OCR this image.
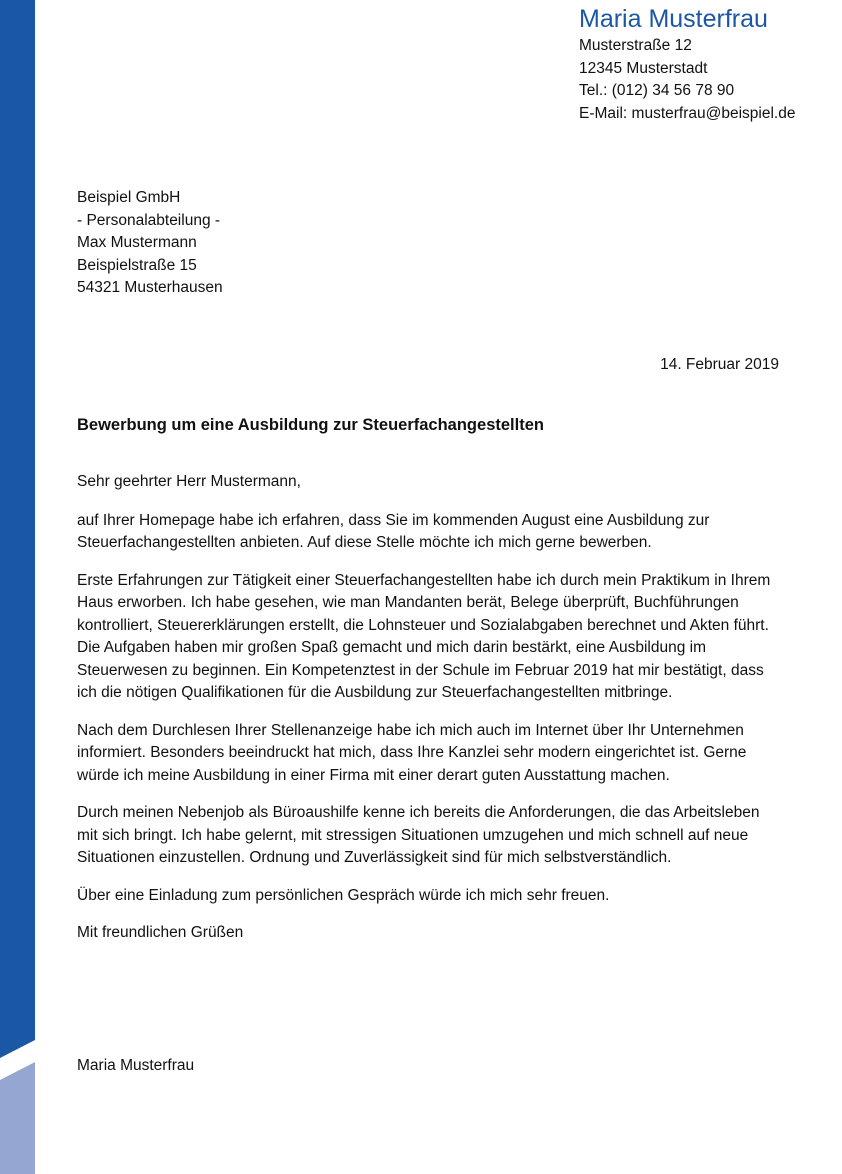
Maria Musterfrau
Musterstraße 12
12345 Musterstadt
Tel.: (012) 34 56 78 90
E-Mail: musterfrau@beispiel.de
Beispiel GmbH
- Personalabteilung -
Max Mustermann
Beispielstraße 15
54321 Musterhausen
14. Februar 2019
Bewerbung um eine Ausbildung zur Steuerfachangestellten

Sehr geehrter Herr Mustermann,

auf Ihrer Homepage habe ich erfahren, dass Sie im kommenden August eine Ausbildung zur Steuerfachangestellten anbieten. Auf diese Stelle möchte ich mich gerne bewerben.

Erste Erfahrungen zur Tätigkeit einer Steuerfachangestellten habe ich durch mein Praktikum in Ihrem Haus erworben. Ich habe gesehen, wie man Mandanten berät, Belege überprüft, Buchführungen kontrolliert, Steuererklärungen erstellt, die Lohnsteuer und Sozialabgaben berechnet und Akten führt. Die Aufgaben haben mir großen Spaß gemacht und mich darin bestärkt, eine Ausbildung im Steuerwesen zu beginnen. Ein Kompetenztest in der Schule im Februar 2019 hat mir bestätigt, dass ich die nötigen Qualifikationen für die Ausbildung zur Steuerfachangestellten mitbringe.

Nach dem Durchlesen Ihrer Stellenanzeige habe ich mich auch im Internet über Ihr Unternehmen informiert. Besonders beeindruckt hat mich, dass Ihre Kanzlei sehr modern eingerichtet ist. Gerne würde ich meine Ausbildung in einer Firma mit einer derart guten Ausstattung machen.

Durch meinen Nebenjob als Büroaushilfe kenne ich bereits die Anforderungen, die das Arbeitsleben mit sich bringt. Ich habe gelernt, mit stressigen Situationen umzugehen und mich schnell auf neue Situationen einzustellen. Ordnung und Zuverlässigkeit sind für mich selbstverständlich.

Über eine Einladung zum persönlichen Gespräch würde ich mich sehr freuen.

Mit freundlichen Grüßen

Maria Musterfrau
